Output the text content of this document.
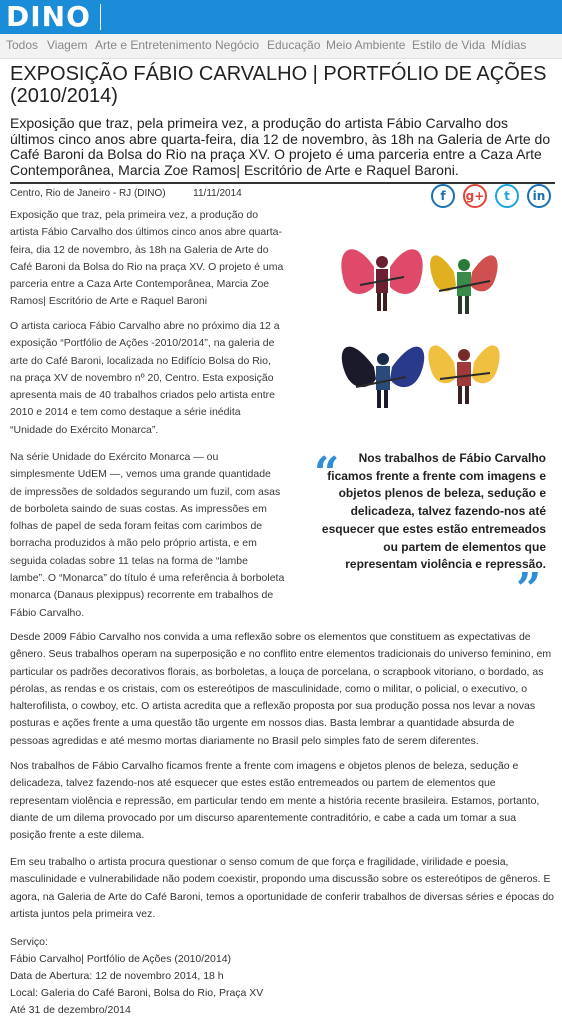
DINO
Todos Viagem Arte e Entretenimento Negócio Educação Meio Ambiente Estilo de Vida Mídias
EXPOSIÇÃO FÁBIO CARVALHO | PORTFÓLIO DE AÇÕES (2010/2014)
Exposição que traz, pela primeira vez, a produção do artista Fábio Carvalho dos últimos cinco anos abre quarta-feira, dia 12 de novembro, às 18h na Galeria de Arte do Café Baroni da Bolsa do Rio na praça XV. O projeto é uma parceria entre a Caza Arte Contemporânea, Marcia Zoe Ramos| Escritório de Arte e Raquel Baroni.
Centro, Rio de Janeiro - RJ (DINO)	11/11/2014	f	g+	t	in

Exposição que traz, pela primeira vez, a produção do artista Fábio Carvalho dos últimos cinco anos abre quarta-feira, dia 12 de novembro, às 18h na Galeria de Arte do Café Baroni da Bolsa do Rio na praça XV. O projeto é uma parceria entre a Caza Arte Contemporânea, Marcia Zoe Ramos| Escritório de Arte e Raquel Baroni

O artista carioca Fábio Carvalho abre no próximo dia 12 a exposição “Portfólio de Ações -2010/2014”, na galeria de arte do Café Baroni, localizada no Edifício Bolsa do Rio, na praça XV de novembro nº 20, Centro. Esta exposição apresenta mais de 40 trabalhos criados pelo artista entre 2010 e 2014 e tem como destaque a série inédita “Unidade do Exército Monarca”.

Na série Unidade do Exército Monarca — ou simplesmente UdEM —, vemos uma grande quantidade de impressões de soldados segurando um fuzil, com asas de borboleta saindo de suas costas. As impressões em folhas de papel de seda foram feitas com carimbos de borracha produzidos à mão pelo próprio artista, e em seguida coladas sobre 11 telas na forma de “lambe lambe”. O “Monarca” do título é uma referência à borboleta monarca (Danaus plexippus) recorrente em trabalhos de Fábio Carvalho.

“	Nos trabalhos de Fábio Carvalho ficamos frente a frente com imagens e objetos plenos de beleza, sedução e delicadeza, talvez fazendo-nos até esquecer que estes estão entremeados ou partem de elementos que representam violência e repressão.
”

Desde 2009 Fábio Carvalho nos convida a uma reflexão sobre os elementos que constituem as expectativas de gênero. Seus trabalhos operam na superposição e no conflito entre elementos tradicionais do universo feminino, em particular os padrões decorativos florais, as borboletas, a louça de porcelana, o scrapbook vitoriano, o bordado, as pérolas, as rendas e os cristais, com os estereótipos de masculinidade, como o militar, o policial, o executivo, o halterofilista, o cowboy, etc. O artista acredita que a reflexão proposta por sua produção possa nos levar a novas posturas e ações frente a uma questão tão urgente em nossos dias. Basta lembrar a quantidade absurda de pessoas agredidas e até mesmo mortas diariamente no Brasil pelo simples fato de serem diferentes.

Nos trabalhos de Fábio Carvalho ficamos frente a frente com imagens e objetos plenos de beleza, sedução e delicadeza, talvez fazendo-nos até esquecer que estes estão entremeados ou partem de elementos que representam violência e repressão, em particular tendo em mente a história recente brasileira. Estamos, portanto, diante de um dilema provocado por um discurso aparentemente contraditório, e cabe a cada um tomar a sua posição frente a este dilema.

Em seu trabalho o artista procura questionar o senso comum de que força e fragilidade, virilidade e poesia, masculinidade e vulnerabilidade não podem coexistir, propondo uma discussão sobre os estereótipos de gêneros. E agora, na Galeria de Arte do Café Baroni, temos a oportunidade de conferir trabalhos de diversas séries e épocas do artista juntos pela primeira vez.

Serviço:
Fábio Carvalho| Portfólio de Ações (2010/2014)
Data de Abertura: 12 de novembro 2014, 18 h
Local: Galeria do Café Baroni, Bolsa do Rio, Praça XV
Até 31 de dezembro/2014
